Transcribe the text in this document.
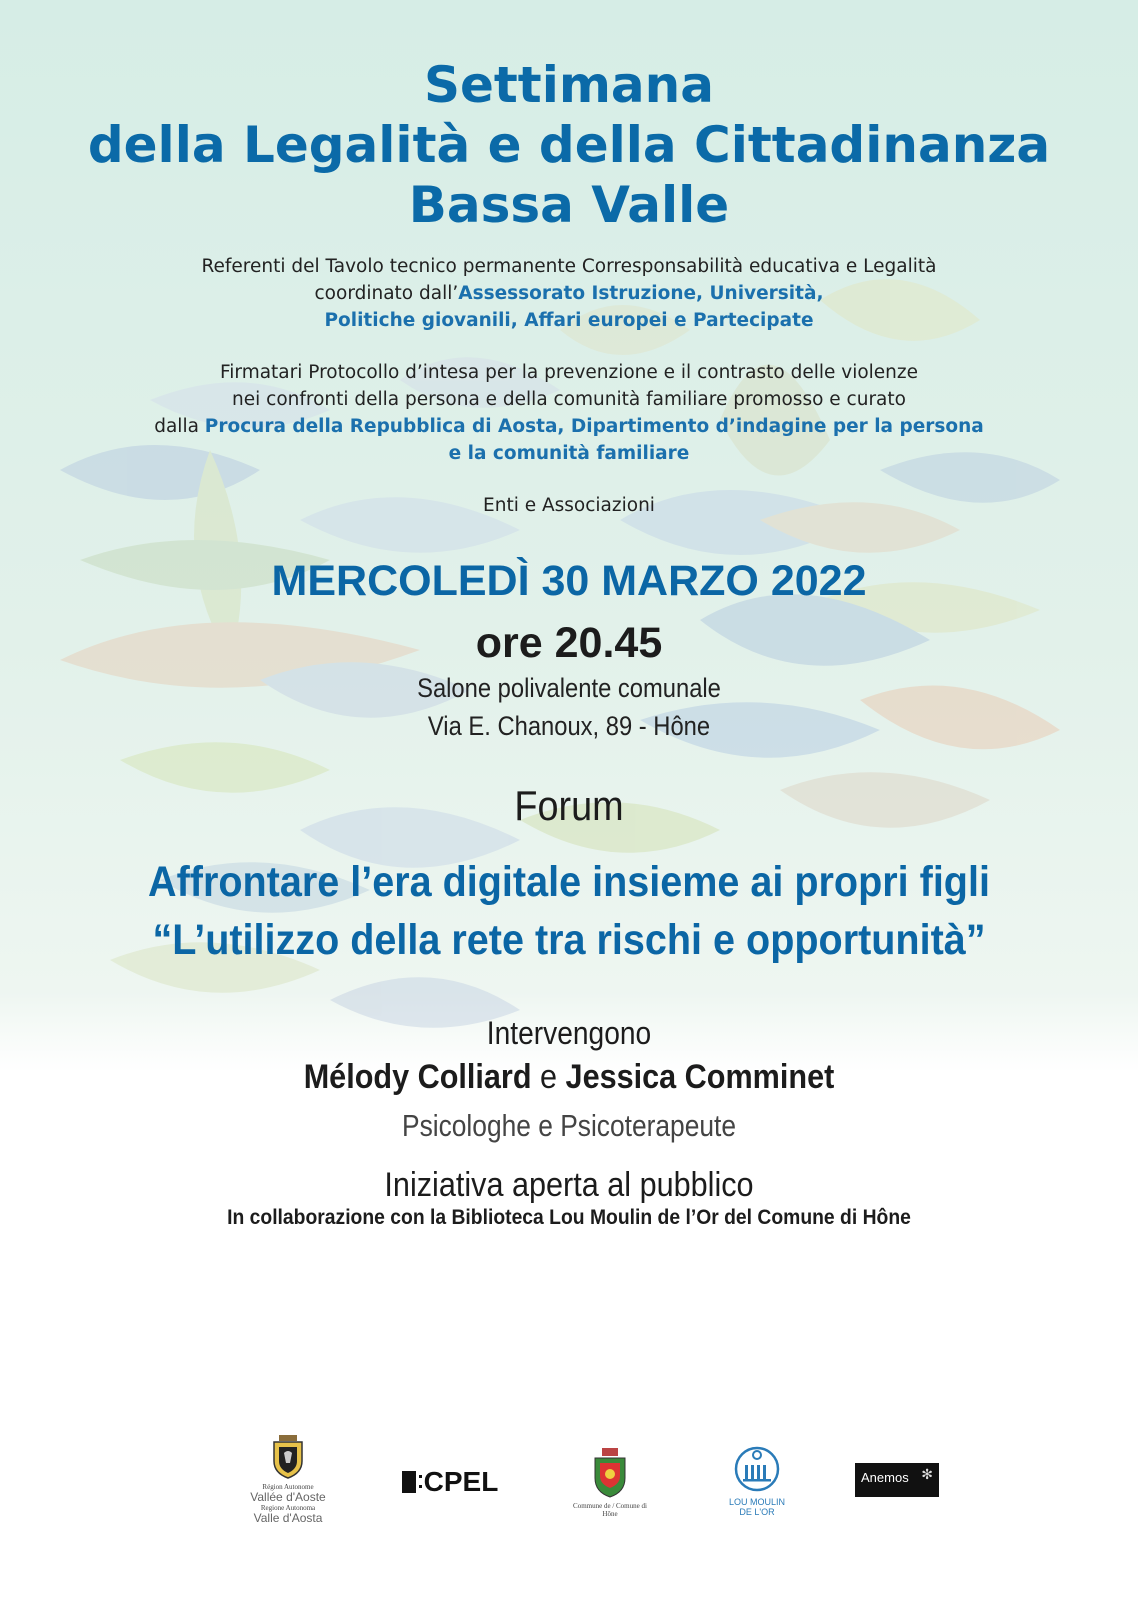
Settimana
della Legalità e della Cittadinanza
Bassa Valle
Referenti del Tavolo tecnico permanente Corresponsabilità educativa e Legalità
coordinato dall’Assessorato Istruzione, Università,
Politiche giovanili, Affari europei e Partecipate
Firmatari Protocollo d’intesa per la prevenzione e il contrasto delle violenze
nei confronti della persona e della comunità familiare promosso e curato
dalla Procura della Repubblica di Aosta, Dipartimento d’indagine per la persona
e la comunità familiare
Enti e Associazioni
MERCOLEDÌ 30 MARZO 2022
ore 20.45
Salone polivalente comunale
Via E. Chanoux, 89 - Hône
Forum
Affrontare l’era digitale insieme ai propri figli
“L’utilizzo della rete tra rischi e opportunità”
Intervengono
Mélody Colliard e Jessica Comminet
Psicologhe e Psicoterapeute
Iniziativa aperta al pubblico
In collaborazione con la Biblioteca Lou Moulin de l’Or del Comune di Hône
Région Autonome
Vallée d'Aoste
Regione Autonoma
Valle d'Aosta
CPEL
Commune de / Comune di
Hône
LOU MOULIN
DE L'OR
Anemos ✻
